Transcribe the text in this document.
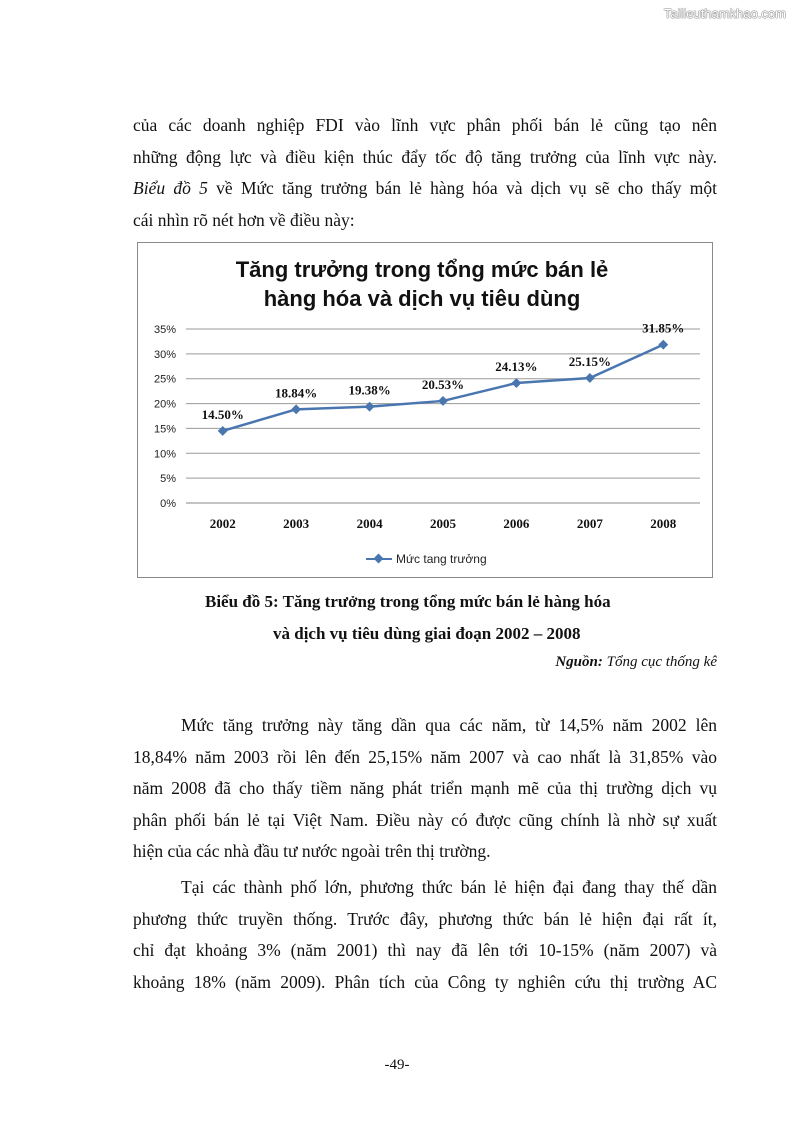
Tailieuthamkhao.com
của các doanh nghiệp FDI vào lĩnh vực phân phối bán lẻ cũng tạo nên
những động lực và điều kiện thúc đẩy tốc độ tăng trưởng của lĩnh vực này.
Biểu đồ 5 về Mức tăng trưởng bán lẻ hàng hóa và dịch vụ sẽ cho thấy một
cái nhìn rõ nét hơn về điều này:
Tăng trưởng trong tổng mức bán lẻ
hàng hóa và dịch vụ tiêu dùng
0%
5%
10%
15%
20%
25%
30%
35%
2002	2003	2004	2005	2006	2007	2008
14.50%
18.84% 19.38% 20.53%
24.13% 25.15%
31.85%
Mức tang trưởng
Biểu đồ 5: Tăng trưởng trong tổng mức bán lẻ hàng hóa
và dịch vụ tiêu dùng giai đoạn 2002 – 2008
Nguồn: Tổng cục thống kê
Mức tăng trưởng này tăng dần qua các năm, từ 14,5% năm 2002 lên
18,84% năm 2003 rồi lên đến 25,15% năm 2007 và cao nhất là 31,85% vào
năm 2008 đã cho thấy tiềm năng phát triển mạnh mẽ của thị trường dịch vụ
phân phối bán lẻ tại Việt Nam. Điều này có được cũng chính là nhờ sự xuất
hiện của các nhà đầu tư nước ngoài trên thị trường.
Tại các thành phố lớn, phương thức bán lẻ hiện đại đang thay thế dần
phương thức truyền thống. Trước đây, phương thức bán lẻ hiện đại rất ít,
chỉ đạt khoảng 3% (năm 2001) thì nay đã lên tới 10-15% (năm 2007) và
khoảng 18% (năm 2009). Phân tích của Công ty nghiên cứu thị trường AC
-49-
